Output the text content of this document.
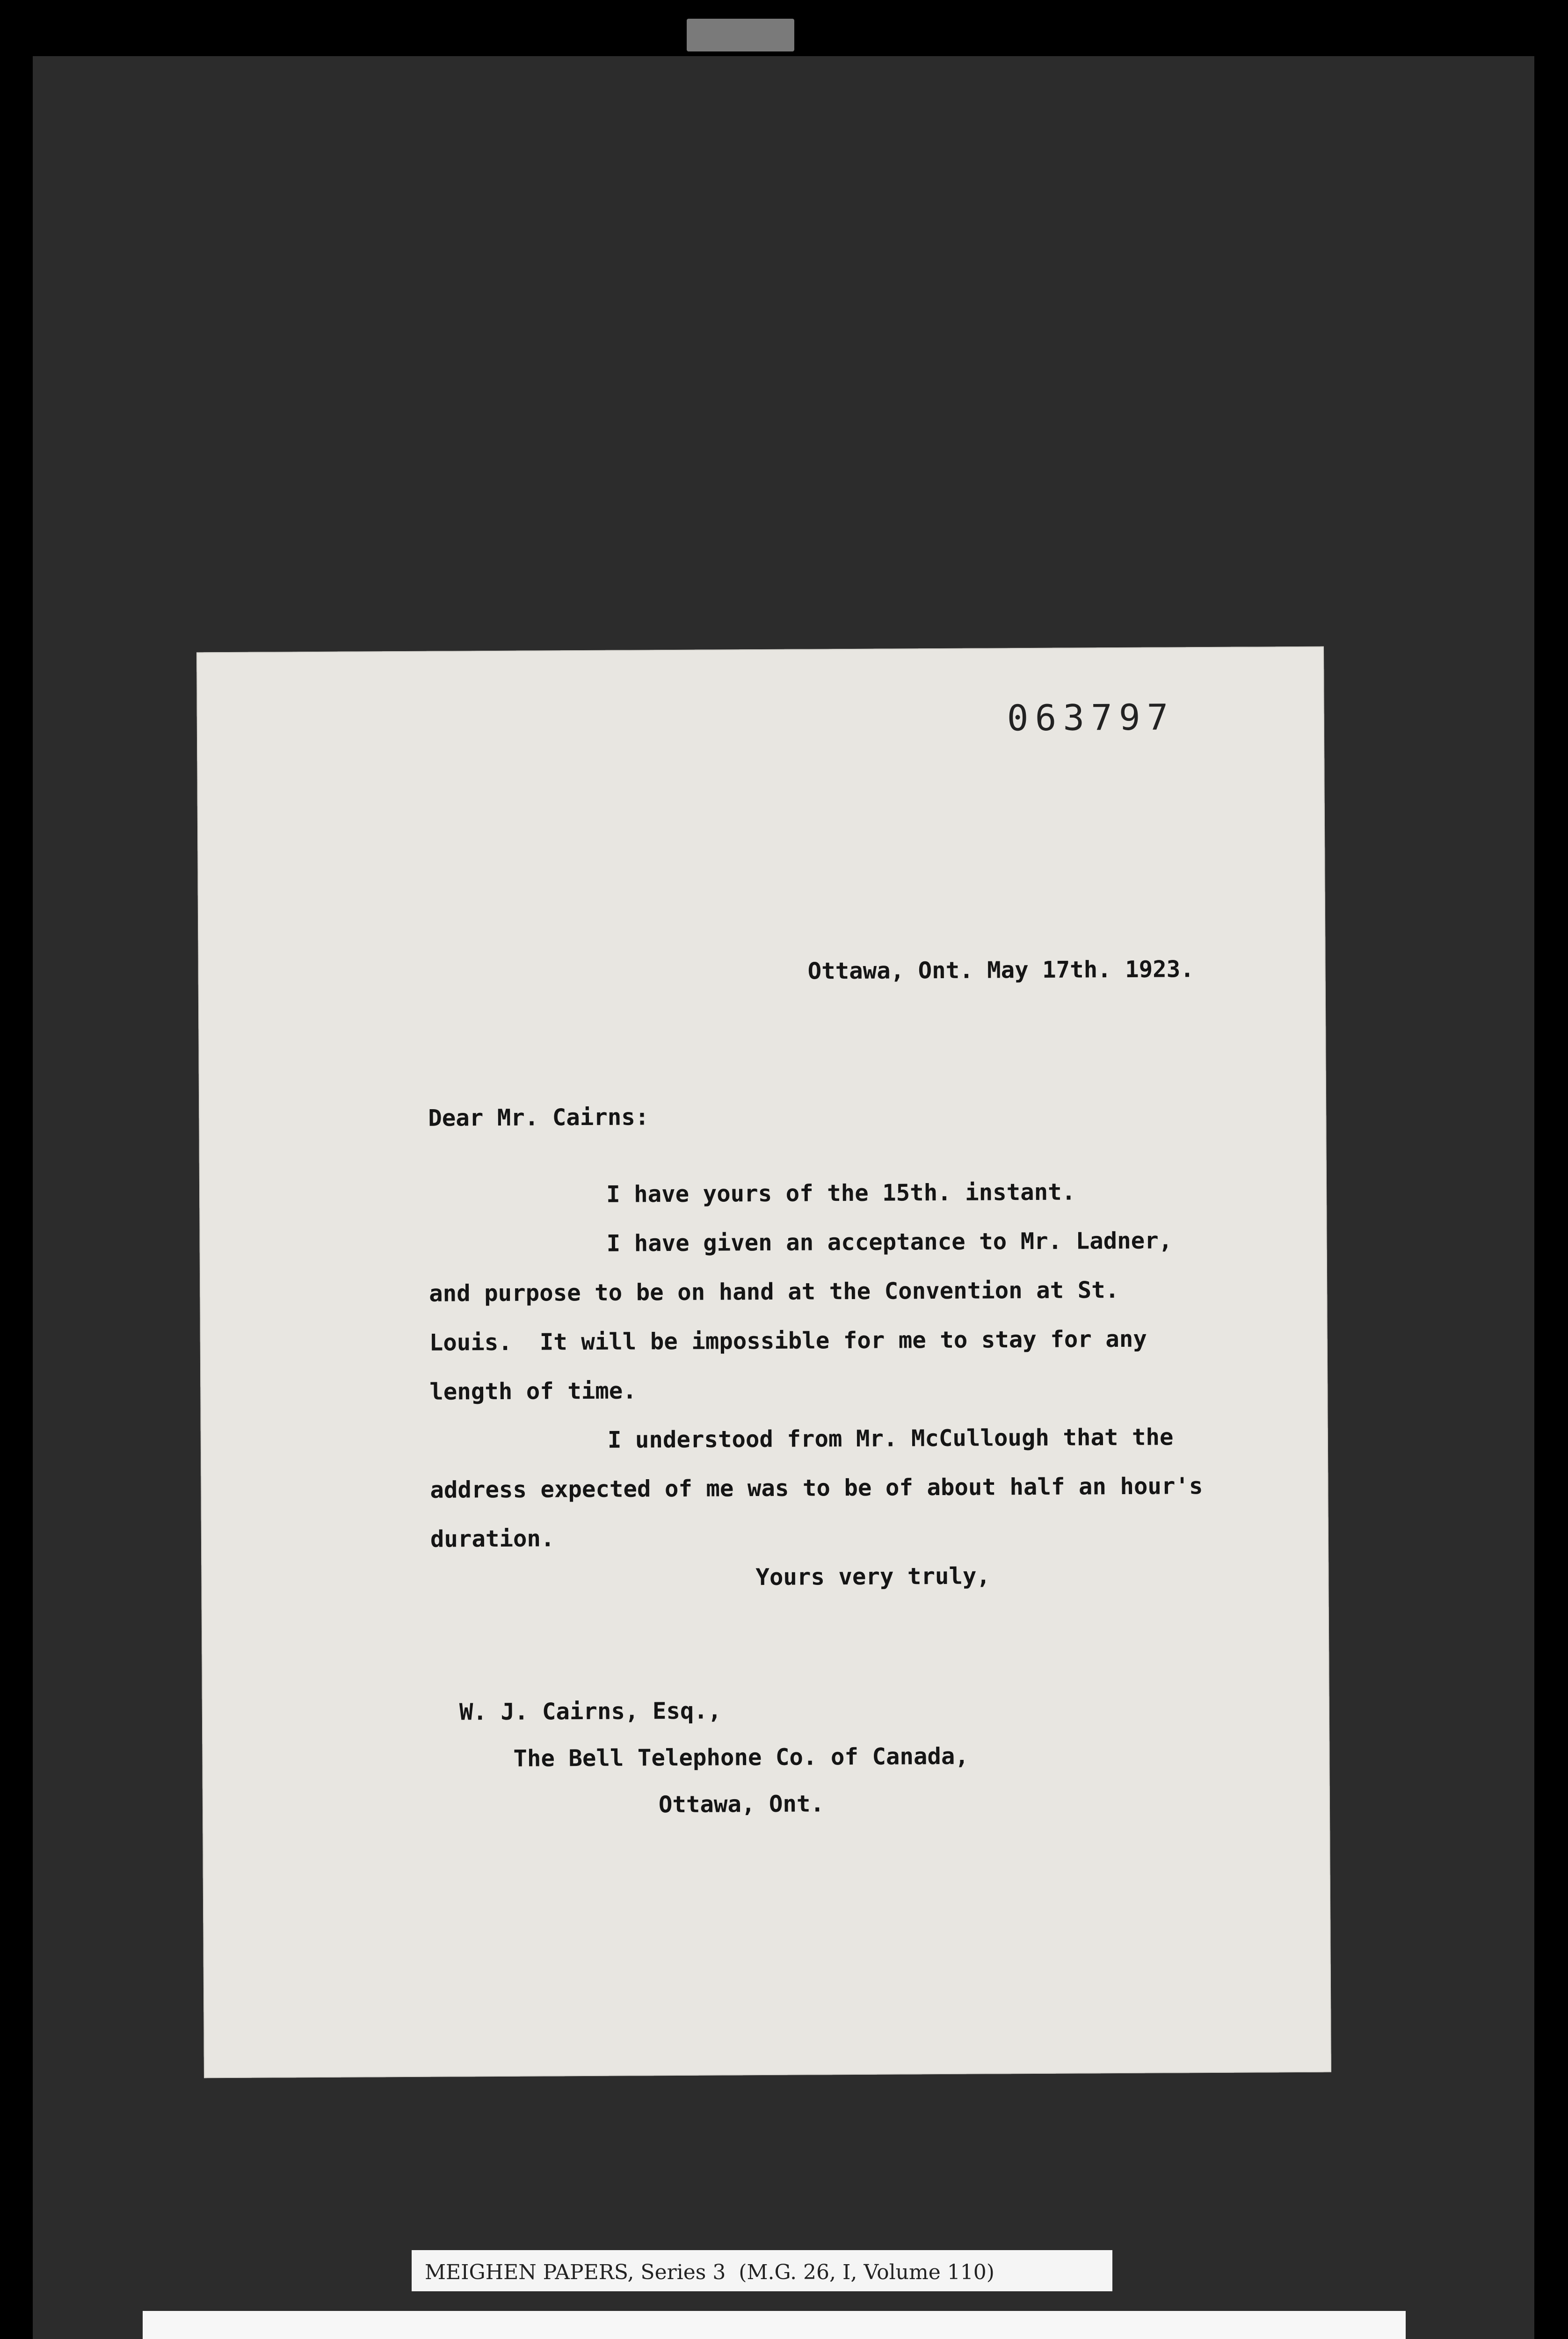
063797
Ottawa, Ont. May 17th. 1923.
Dear Mr. Cairns:
I have yours of the 15th. instant.
I have given an acceptance to Mr. Ladner,
and purpose to be on hand at the Convention at St.
Louis.  It will be impossible for me to stay for any
length of time.
I understood from Mr. McCullough that the
address expected of me was to be of about half an hour's
duration.
Yours very truly,
W. J. Cairns, Esq.,
The Bell Telephone Co. of Canada,
Ottawa, Ont.
MEIGHEN PAPERS, Series 3  (M.G. 26, I, Volume 110)
